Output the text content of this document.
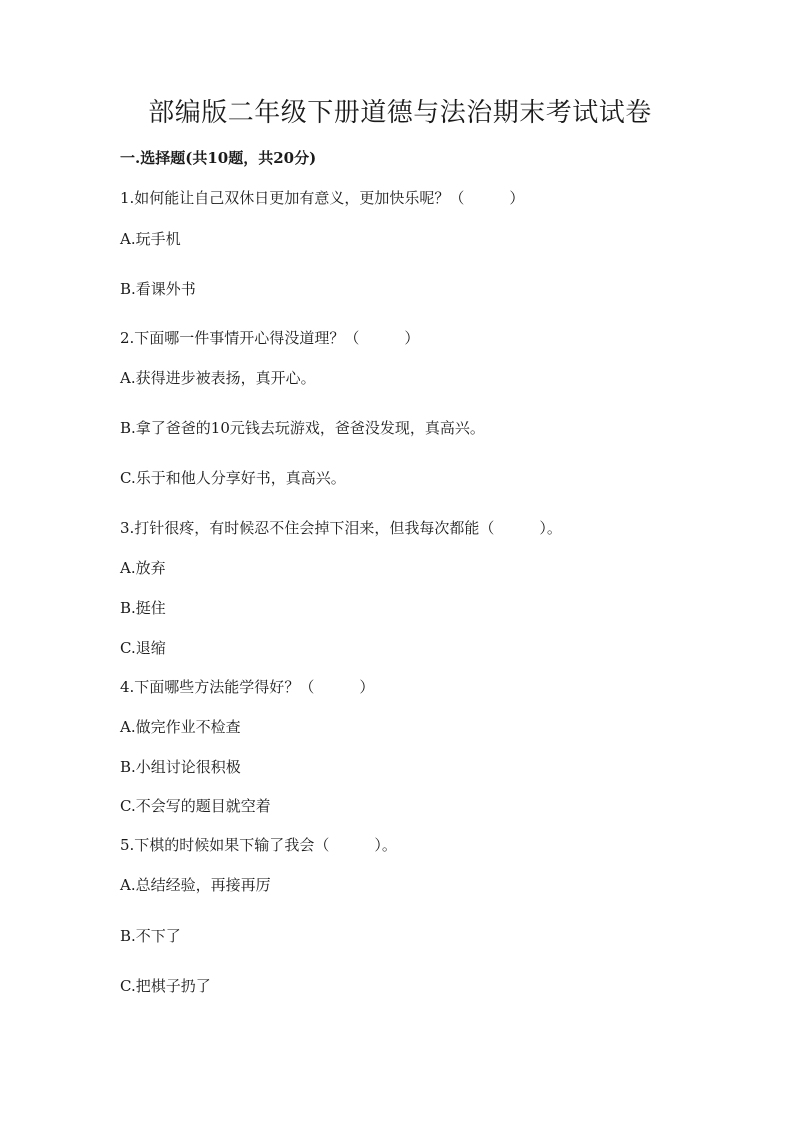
部编版二年级下册道德与法治期末考试试卷
一.选择题(共10题，共20分)
1.如何能让自己双休日更加有意义，更加快乐呢？（　　　）
A.玩手机
B.看课外书
2.下面哪一件事情开心得没道理？（　　　）
A.获得进步被表扬，真开心。
B.拿了爸爸的10元钱去玩游戏，爸爸没发现，真高兴。
C.乐于和他人分享好书，真高兴。
3.打针很疼，有时候忍不住会掉下泪来，但我每次都能（　　　）。
A.放弃
B.挺住
C.退缩
4.下面哪些方法能学得好？（　　　）
A.做完作业不检查
B.小组讨论很积极
C.不会写的题目就空着
5.下棋的时候如果下输了我会（　　　）。
A.总结经验，再接再厉
B.不下了
C.把棋子扔了
